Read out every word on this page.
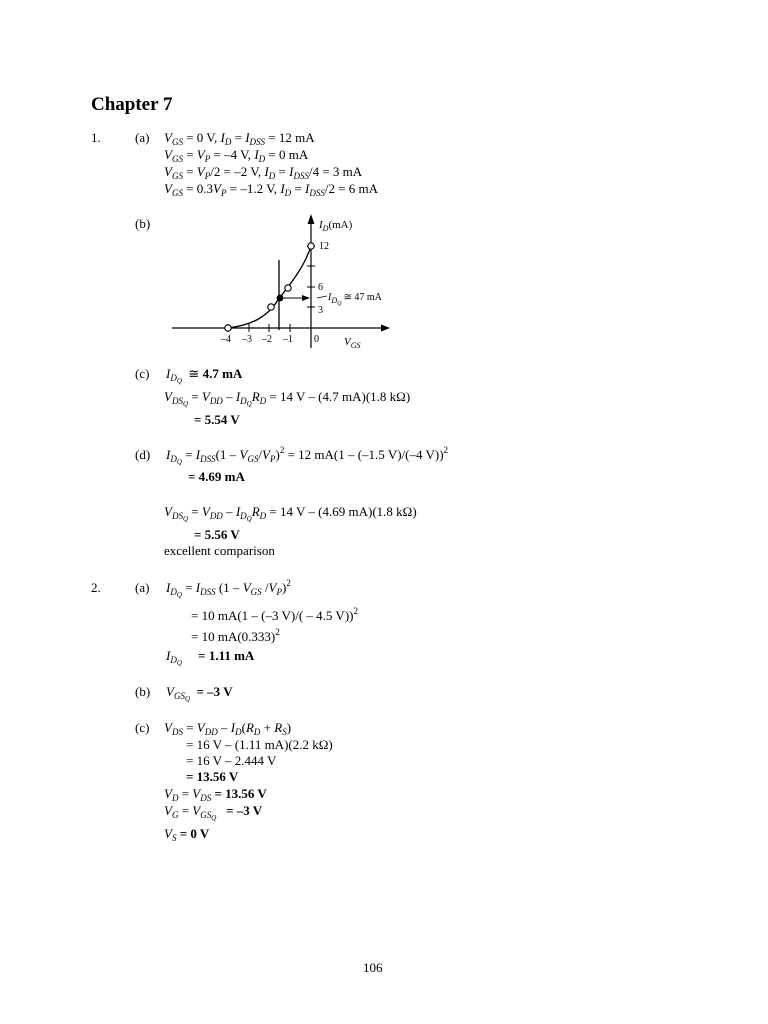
Chapter 7
1.	(a) $V_{GS} = 0$ V, $I_D = I_{DSS} = 12$ mA
$V_{GS} = V_P = -4$ V, $I_D = 0$ mA
$V_{GS} = V_P/2 = -2$ V, $I_D = I_{DSS}/4 = 3$ mA
$V_{GS} = 0.3V_P = -1.2$ V, $I_D = I_{DSS}/2 = 6$ mA
(b)	$I_D(mA)$
12
6
3
–4 –3 –2 –1 0 $V_{GS}$
$I_{DQ}≅$ 47 mA
(c) $I_{D_Q}$ ≅ 4.7 mA
$V_{DS_Q} = V_{DD} - I_{D_Q}R_D = 14$ V – (4.7 mA)(1.8 kΩ)
= 5.54 V
(d) $I_{D_Q} = I_{DSS}(1 - V_{GS}/V_P)^2 = 12$ mA(1 – (–1.5 V)/(–4 V))$^2$
= 4.69 mA
$V_{DS_Q} = V_{DD} - I_{D_Q}R_D = 14$ V – (4.69 mA)(1.8 kΩ)
= 5.56 V
excellent comparison
2.	(a) $I_{D_Q} = I_{DSS}$ ($1 - V_{GS}$ $/V_P)^2$
= 10 mA(1 – (–3 V)/( – 4.5 V))$^2$
= 10 $mA(0.333)^2$
$I_{D_Q} = 1.11$ mA
(b) $V_{GS_Q} = -3$ V
(c) $V_{DS} = V_{DD} - I_D(R_D + R_S)$
= 16 V – (1.11 mA)(2.2 kΩ)
= 16 V – 2.444 V
= 13.56 V
$V_D = V_{DS} = 13.56$ V
$V_G = V_{GS_Q} = -3$ V
$V_S = 0$ V
106
